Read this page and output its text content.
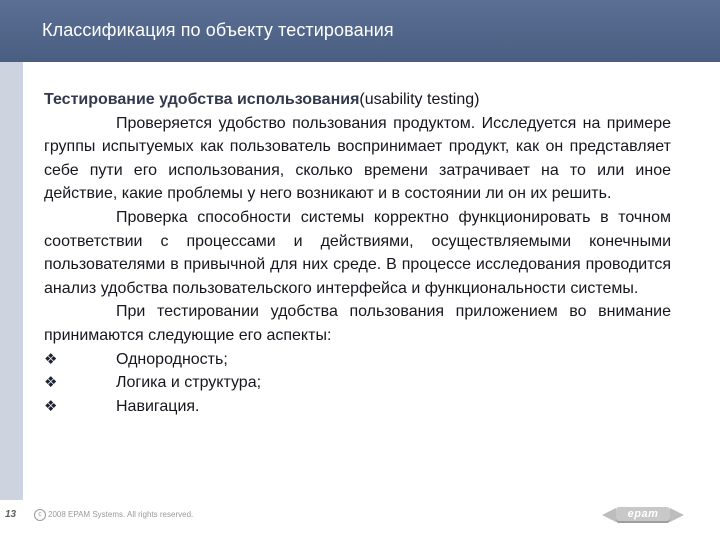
Классификация по объекту тестирования

Тестирование удобства использования(usability testing)

Проверяется удобство пользования продуктом. Исследуется на примере группы испытуемых как пользователь воспринимает продукт, как он представляет себе пути его использования, сколько времени затрачивает на то или иное действие, какие проблемы у него возникают и в состоянии ли он их решить.

Проверка способности системы корректно функционировать в точном соответствии с процессами и действиями, осуществляемыми конечными пользователями в привычной для них среде. В процессе исследования проводится анализ удобства пользовательского интерфейса и функциональности системы.

При тестировании удобства пользования приложением во внимание принимаются следующие его аспекты:

❖	Однородность;
❖	Логика и структура;
❖	Навигация.
13	c 2008 EPAM Systems. All rights reserved.	epam
